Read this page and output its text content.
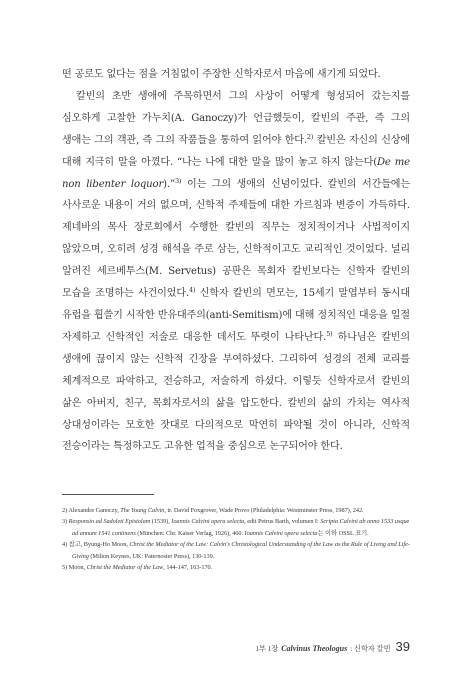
떤 공로도 없다는 점을 거침없이 주장한 신학자로서 마음에 새기게 되었다.

칼빈의 초반 생애에 주목하면서 그의 사상이 어떻게 형성되어 갔는지를 심오하게 고찰한 가누치(A. Ganoczy)가 언급했듯이, 칼빈의 주관, 즉 그의 생애는 그의 객관, 즉 그의 작품들을 통하여 읽어야 한다.$^{2)}$ 칼빈은 자신의 신상에 대해 지극히 말을 아꼈다. “나는 나에 대한 말을 많이 놓고 하지 않는다(De me non libenter loquor).”$^{3)}$ 이는 그의 생애의 신념이었다. 칼빈의 서간들에는 사사로운 내용이 거의 없으며, 신학적 주제들에 대한 가르침과 변증이 가득하다. 제네바의 목사 장로회에서 수행한 칼빈의 직무는 정치적이거나 사법적이지 않았으며, 오히려 성경 해석을 주로 삼는, 신학적이고도 교리적인 것이었다. 널리 알려진 세르베투스(M. Servetus) 공판은 목회자 칼빈보다는 신학자 칼빈의 모습을 조명하는 사건이었다.$^{4)}$ 신학자 칼빈의 면모는, 15세기 말엽부터 동시대 유럽을 휩쓸기 시작한 반유대주의(anti-Semitism)에 대해 정치적인 대응을 일절 자제하고 신학적인 저술로 대응한 데서도 뚜렷이 나타난다.$^{5)}$ 하나님은 칼빈의 생애에 끊이지 않는 신학적 긴장을 부여하셨다. 그리하여 성경의 전체 교리를 체계적으로 파악하고, 전승하고, 저술하게 하셨다. 이렇듯 신학자로서 칼빈의 삶은 아버지, 친구, 목회자로서의 삶을 압도한다. 칼빈의 삶의 가치는 역사적 상대성이라는 모호한 잣대로 다의적으로 막연히 파악될 것이 아니라, 신학적 전승이라는 특정하고도 고유한 업적을 중심으로 논구되어야 한다.

2) Alexandre Ganoczy, The Young Calvin, tr. David Foxgrover, Wade Provo (Philadelphia: Westminster Press, 1987), 242.
3) Responsio ad Sadoleti Epistolam (1539), Ioannis Calvini opera selecta, edit Petrus Barth, volumen I: Scripta Calvini ab anno 1533 usque ad annum 1541 continens (München: Chr. Kaiser Verlag, 1926), 460. Ioannis Calvini opera selecta는 이하 OSSL 표기.
4) 참고, Byung-Ho Moon, Christ the Mediator of the Law: Calvin's Christological Understanding of the Law as the Rule of Living and Life-Giving (Milton Keynes, UK: Paternoster Press), 130-139.
5) Moon, Christ the Mediator of the Law, 144-147, 163-170.
1부 1장 Calvinus Theologus : 신학자 칼빈 39
